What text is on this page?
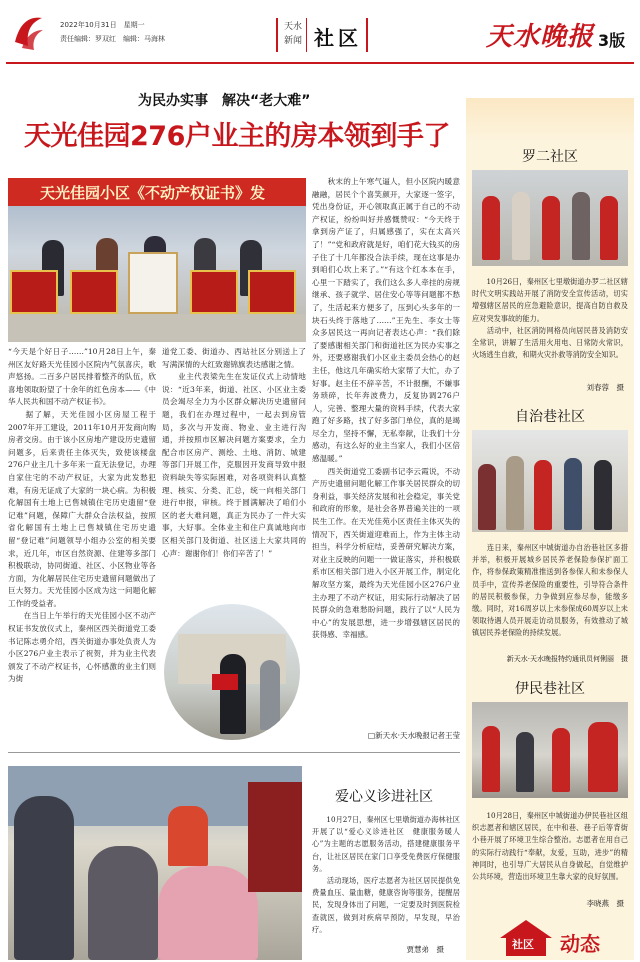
2022年10月31日　星期一
责任编辑：罗双红　编辑：马海林
天水
新闻 社区	天水晚报 3版
为民办实事　解决“老大难”
天光佳园276户业主的房本领到手了
天光佳园小区《不动产权证书》发
“今天是个好日子……”10月28日上午，秦州区友好路天光佳园小区院内气氛喜庆，歌声悠扬。二百多户居民排着整齐的队伍，欣喜地领取盼望了十余年的红色房本——《中华人民共和国不动产权证书》。
　　据了解，天光佳园小区房屋工程于2007年开工建设，2011年10月开发商向购房者交房。由于该小区房地产建设历史遗留问题多，后来责任主体灭失，致使该楼盘276户业主几十多年来一直无法登记，办理自家住宅的不动产权证，大家为此发愁犯难，有房无证成了大家的一块心病。为积极化解国有土地上已售城镇住宅历史遗留“登记难”问题，保障广大群众合法权益，按照省化解国有土地上已售城镇住宅历史遗留“登记难”问题领导小组办公室的相关要求，近几年，市区自然资源、住建等多部门积极联动，协同街道、社区、小区物业等各方面，为化解居民住宅历史遗留问题做出了巨大努力。天光佳园小区成为这一问题化解工作的受益者。
　　在当日上午举行的天光佳园小区不动产权证书发放仪式上，秦州区西关街道党工委书记陈志勇介绍，西关街道办事处负责人为小区276户业主表示了祝贺，并为业主代表颁发了不动产权证书，心怀感激的业主们则为街
道党工委、街道办、西站社区分别送上了写满深情的大红致谢锦旗表达感谢之情。
　　业主代表梁先生在发证仪式上动情地说：“近3年来，街道、社区、小区业主委员会竭尽全力为小区群众解决历史遗留问题，我们在办理过程中，一起去到房管局，多次与开发商、物业、业主进行沟通，并按照市区解决问题方案要求，全力配合市区房产、测绘、土地、消防、城建等部门开展工作，克服因开发商导致中报资料缺失等实际困难，对各项资料认真整理、核实、分类、汇总，统一向相关部门进行申报，审核。终于圆满解决了咱们小区的老大难问题，真正为民办了一件大实事，大好事。全体业主和住户真诚地向市区相关部门及街道、社区送上大家共同的心声：谢谢你们！你们辛苦了！”
　　秋末的上午寒气逼人，但小区院内暖意融融，居民个个喜笑颜开，大家逐一签字，凭出身份证，开心领取真正属于自己的不动产权证，纷纷叫好并感慨赞叹：“今天终于拿到房产证了，归属感强了，实在太高兴了！”“党和政府就是好，咱们花大钱买的房子住了十几年都没合法手续，现在这事是办到咱们心坎上来了。”“有这个红本本在手，心里一下踏实了，我们这么多人牵挂的房规继承、孩子就学、居住安心等等问题都不愁了，生活起来方便多了，压到心头多年的一块石头终于落地了……”王先生、李女士等众多居民这一再向记者表达心声：“我们除了要感谢相关部门和街道社区为民办实事之外，还要感谢我们小区业主委员会热心的赵主任，他这几年确实给大家帮了大忙，办了好事。赵主任不辞辛苦，不计报酬，不嫌事务琐碎，长年奔波费力，反复协调276户人，完善、整理大量的资料手续，代表大家跑了好多路，找了好多部门单位，真的是竭尽全力，坚持不懈，无私奉献，让我们十分感动，有这么好的业主当家人，我们小区倍感温暖。”
　　西关街道党工委副书记李云霞说，不动产历史遗留问题化解工作事关居民群众的切身利益，事关经济发展和社会稳定，事关党和政府的形象，是社会各界普遍关注的一项民生工作。在天光佳苑小区责任主体灭失的情况下，西关街道迎难而上，作为主体主动担当，科学分析症结，妥善研究解决方案，对业主反映的问题一一做证落实，并积极联系市区相关部门进入小区开展工作，制定化解攻坚方案，最终为天光佳园小区276户业主办理了不动产权证，用实际行动解决了居民群众的急难愁盼问题，践行了以“人民为中心”的发展思想，进一步增强辖区居民的获得感、幸福感。
□新天水·天水晚报记者王莹
爱心义诊进社区
　　10月27日，秦州区七里墩街道办海林社区开展了以“爱心义诊进社区　健康服务暖人心”为主题的志愿服务活动，搭建健康服务平台，让社区居民在家门口享受免费医疗保健服务。
　　活动现场，医疗志愿者为社区居民提供免费量血压、量血糖，健康咨询等服务，提醒居民，发现身体出了问题，一定要及时到医院检查就医，做到对疾病早预防，早发现，早治疗。
贾慧弟　摄
罗二社区
　　10月26日，秦州区七里墩街道办罗二社区辖时代文明实践站开展了消防安全宣传活动，切实增强辖区居民的应急避险意识，提高自防自救及应对突发事故的能力。
　　活动中，社区消防网格员向居民普及消防安全常识，讲解了生活用火用电、日常防火常识，火场逃生自救，和期火灾扑救等消防安全知识。
刘春蓉　摄
自治巷社区
　　连日来，秦州区中城街道办自治巷社区多措并举，积极开展城乡居民养老保险参保扩面工作，将参保政策精准推送到各参保人和未参保人员手中，宣传养老保险的重要性，引导符合条件的居民积极参保，力争做到应参尽参，能缴多缴。同时，对16周岁以上未参保成60周岁以上未领取待遇人员开展走访动员服务，有效推动了城镇居民养老保险的持续发展。
新天水·天水晚报特约通讯员何俐丽　摄
伊民巷社区
　　10月28日，秦州区中城街道办伊民巷社区组织志愿者和辖区居民，在中和巷、巷子后等背街小巷开展了环境卫生综合整治。志愿者在用自己的实际行动践行“奉献，友爱，互助，进步”的精神同时，也引导广大居民从自身做起，自觉维护公共环境，营造出环境卫生靠大家的良好氛围。
李晓燕　摄
社区 动态
